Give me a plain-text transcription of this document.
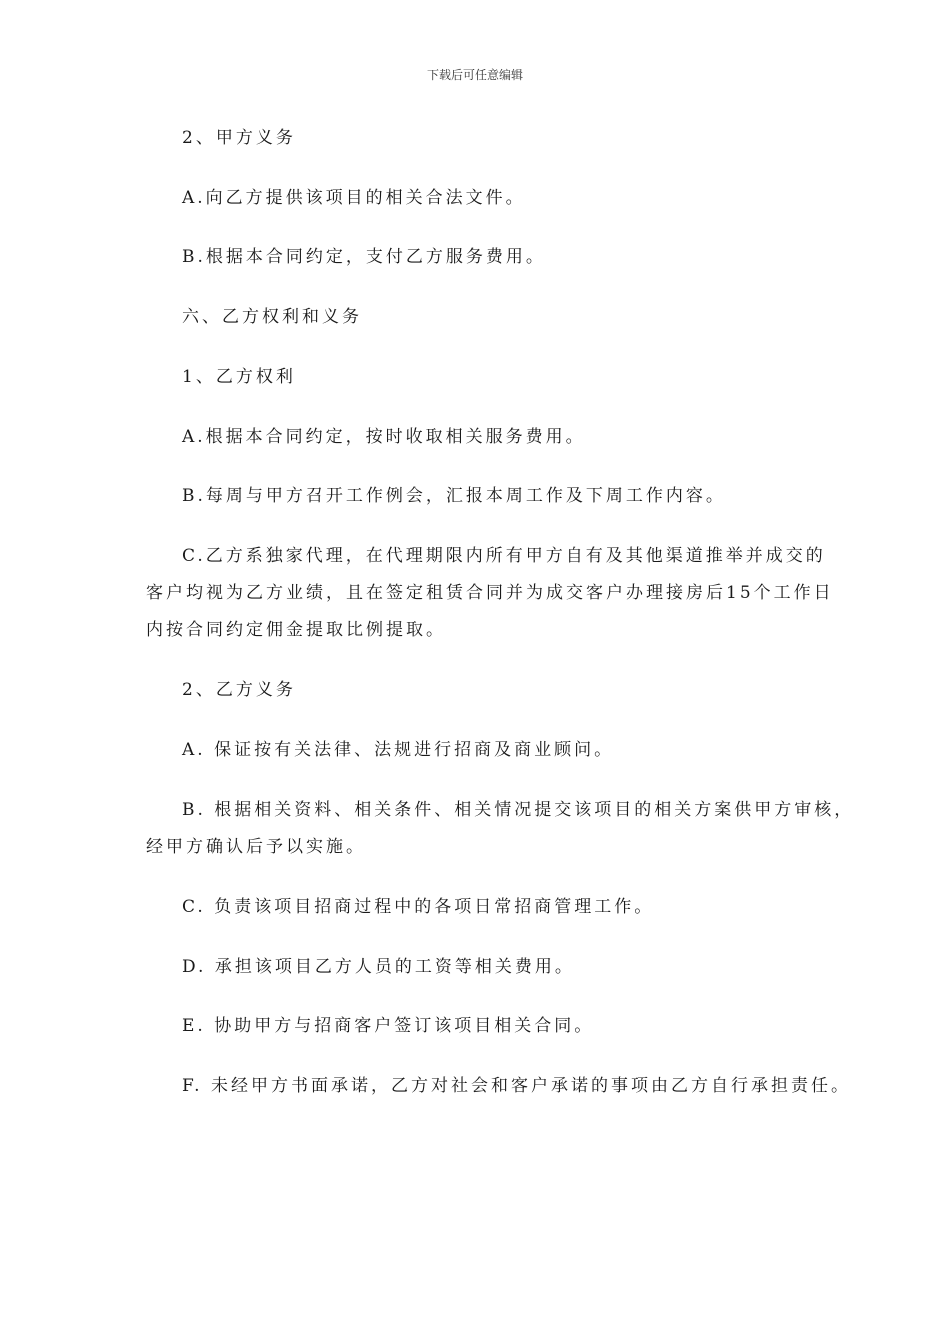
下载后可任意编辑
2、甲方义务
A.向乙方提供该项目的相关合法文件。
B.根据本合同约定，支付乙方服务费用。
六、乙方权利和义务
1、乙方权利
A.根据本合同约定，按时收取相关服务费用。
B.每周与甲方召开工作例会，汇报本周工作及下周工作内容。
C.乙方系独家代理，在代理期限内所有甲方自有及其他渠道推举并成交的
客户均视为乙方业绩，且在签定租赁合同并为成交客户办理接房后15个工作日
内按合同约定佣金提取比例提取。
2、乙方义务
A. 保证按有关法律、法规进行招商及商业顾问。
B. 根据相关资料、相关条件、相关情况提交该项目的相关方案供甲方审核，
经甲方确认后予以实施。
C. 负责该项目招商过程中的各项日常招商管理工作。
D. 承担该项目乙方人员的工资等相关费用。
E. 协助甲方与招商客户签订该项目相关合同。
F. 未经甲方书面承诺，乙方对社会和客户承诺的事项由乙方自行承担责任。
